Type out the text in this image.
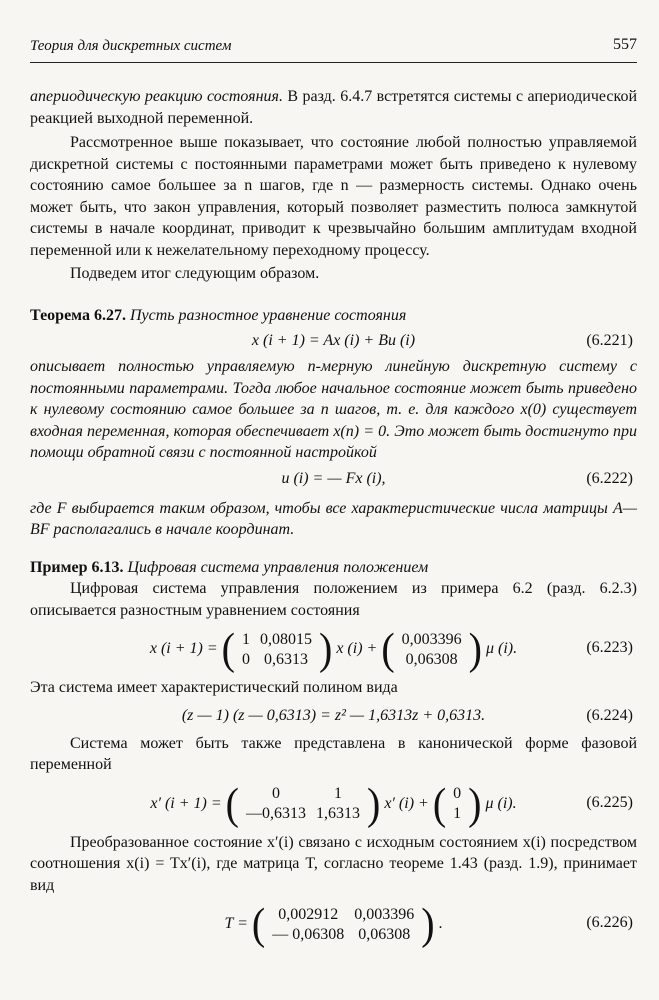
Теория для дискретных систем	557

апериодическую реакцию состояния. В разд. 6.4.7 встретятся системы с апериодической реакцией выходной переменной.

Рассмотренное выше показывает, что состояние любой полностью управляемой дискретной системы с постоянными параметрами может быть приведено к нулевому состоянию самое большее за n шагов, где n — размерность системы. Однако очень может быть, что закон управления, который позволяет разместить полюса замкнутой системы в начале координат, приводит к чрезвычайно большим амплитудам входной переменной или к нежелательному переходному процессу.

Подведем итог следующим образом.

Теорема 6.27. Пусть разностное уравнение состояния

x (i + 1) = Ax (i) + Bu (i)	(6.221)

описывает полностью управляемую n-мерную линейную дискретную систему с постоянными параметрами. Тогда любое начальное состояние может быть приведено к нулевому состоянию самое большее за n шагов, т. е. для каждого x(0) существует входная переменная, которая обеспечивает x(n) = 0. Это может быть достигнуто при помощи обратной связи с постоянной настройкой

u (i) = — Fx (i),	(6.222)

где F выбирается таким образом, чтобы все характеристические числа матрицы A—BF располагались в начале координат.

Пример 6.13. Цифровая система управления положением

Цифровая система управления положением из примера 6.2 (разд. 6.2.3) описывается разностным уравнением состояния

x (i + 1) = ( 1	0,08015
0	0,6313 ) x (i) + ( 0,003396
0,06308 ) μ (i).	(6.223)

Эта система имеет характеристический полином вида

(z — 1) (z — 0,6313) = z² — 1,6313z + 0,6313.	(6.224)

Система может быть также представлена в канонической форме фазовой переменной

x′ (i + 1) = ( 0	1
—0,6313	1,6313 ) x′ (i) + ( 0
1 ) μ (i).	(6.225)

Преобразованное состояние x′(i) связано с исходным состоянием x(i) посредством соотношения x(i) = Tx′(i), где матрица T, согласно теореме 1.43 (разд. 1.9), принимает вид

T = ( 0,002912	0,003396
— 0,06308	0,06308 ) .	(6.226)
